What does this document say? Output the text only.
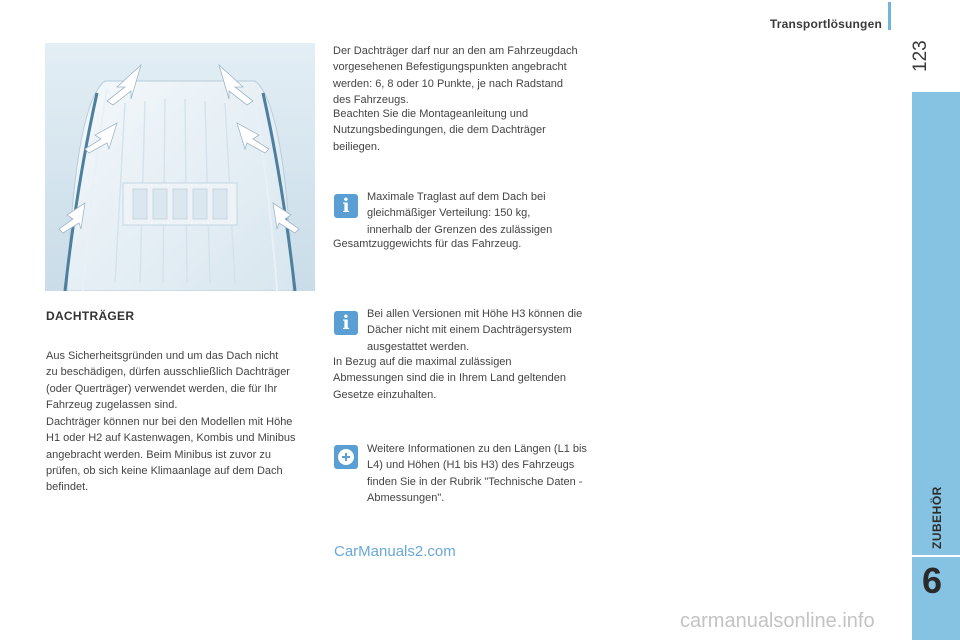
Transportlösungen
123
ZUBEHÖR
6
DACHTRÄGER

Aus Sicherheitsgründen und um das Dach nicht
zu beschädigen, dürfen ausschließlich Dachträger
(oder Querträger) verwendet werden, die für Ihr
Fahrzeug zugelassen sind.

Dachträger können nur bei den Modellen mit Höhe
H1 oder H2 auf Kastenwagen, Kombis und Minibus
angebracht werden. Beim Minibus ist zuvor zu
prüfen, ob sich keine Klimaanlage auf dem Dach
befindet.

Der Dachträger darf nur an den am Fahrzeugdach
vorgesehenen Befestigungspunkten angebracht
werden: 6, 8 oder 10 Punkte, je nach Radstand
des Fahrzeugs.

Beachten Sie die Montageanleitung und
Nutzungsbedingungen, die dem Dachträger
beiliegen.

i	Maximale Traglast auf dem Dach bei
gleichmäßiger Verteilung: 150 kg,
innerhalb der Grenzen des zulässigen

Gesamtzuggewichts für das Fahrzeug.

i	Bei allen Versionen mit Höhe H3 können die
Dächer nicht mit einem Dachträgersystem
ausgestattet werden.

In Bezug auf die maximal zulässigen
Abmessungen sind die in Ihrem Land geltenden
Gesetze einzuhalten.

Weitere Informationen zu den Längen (L1 bis
L4) und Höhen (H1 bis H3) des Fahrzeugs
finden Sie in der Rubrik "Technische Daten -
Abmessungen".

CarManuals2.com
carmanualsonline.info
